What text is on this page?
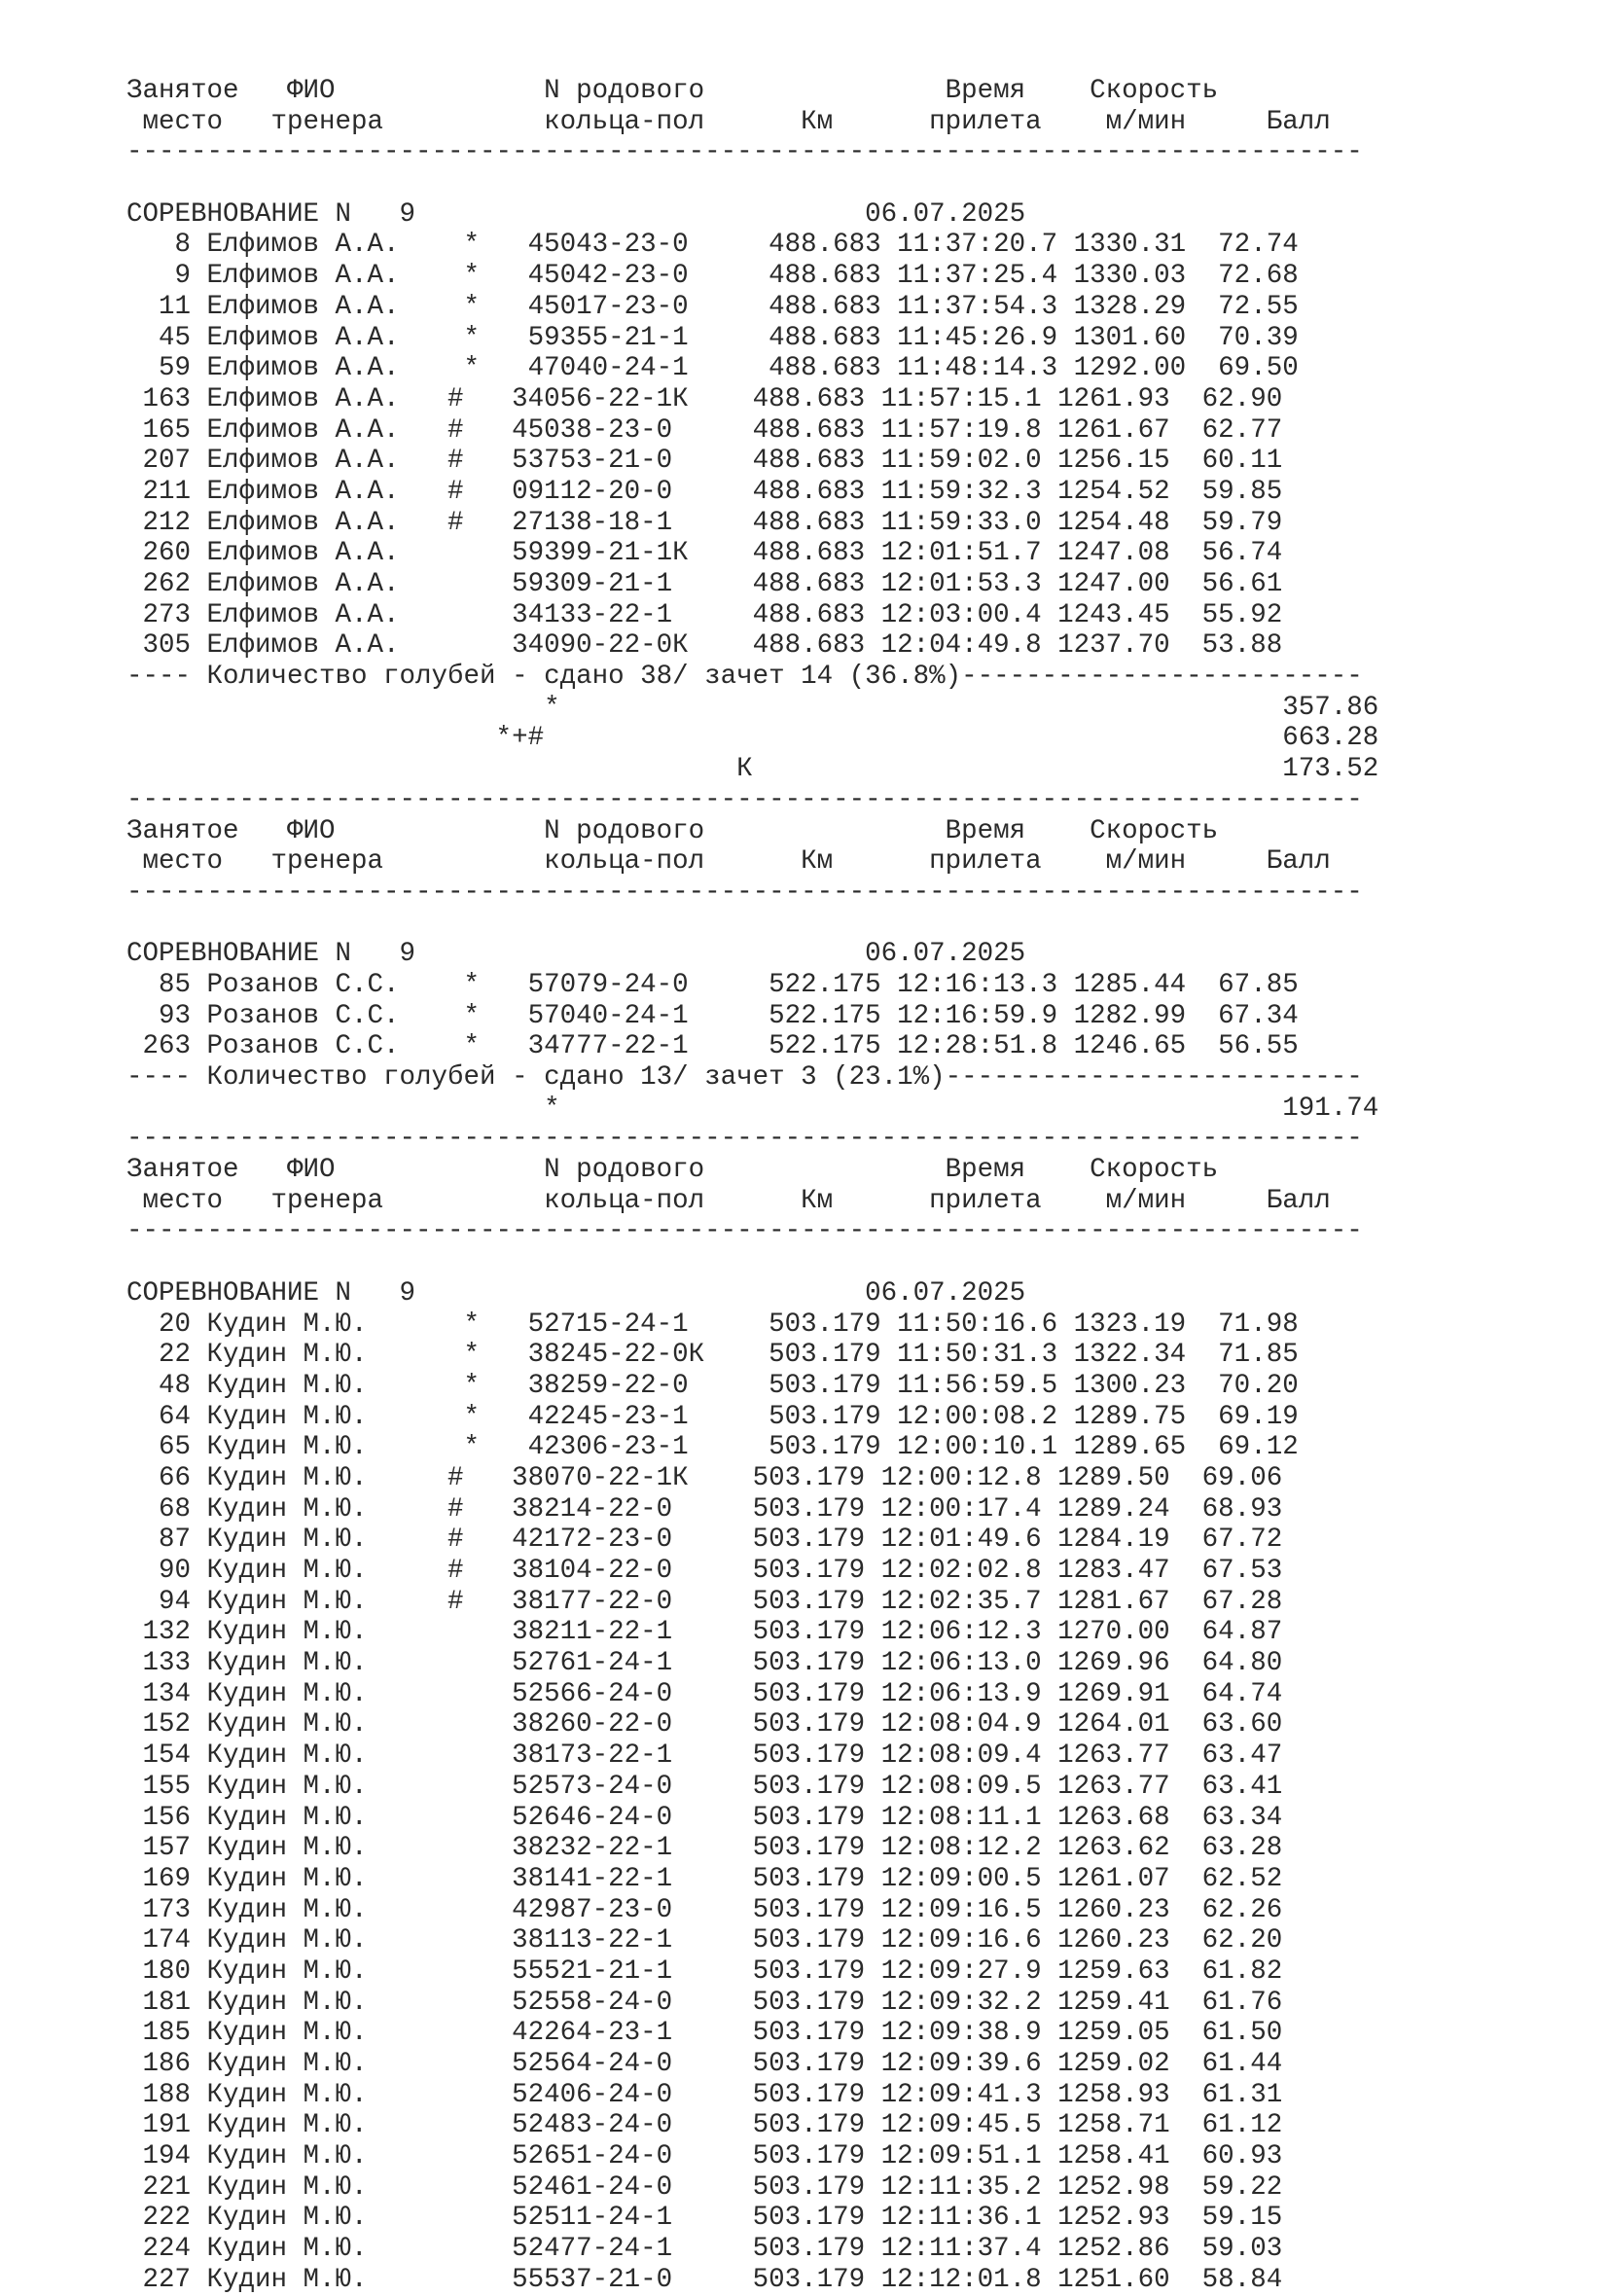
Занятое   ФИО             N родового               Время    Скорость
место   тренера          кольца-пол      Км      прилета    м/мин     Балл
-----------------------------------------------------------------------------

СОРЕВНОВАНИЕ N   9                            06.07.2025
8 Елфимов А.А.    *   45043-23-0     488.683 11:37:20.7 1330.31  72.74
9 Елфимов А.А.    *   45042-23-0     488.683 11:37:25.4 1330.03  72.68
11 Елфимов А.А.    *   45017-23-0     488.683 11:37:54.3 1328.29  72.55
45 Елфимов А.А.    *   59355-21-1     488.683 11:45:26.9 1301.60  70.39
59 Елфимов А.А.    *   47040-24-1     488.683 11:48:14.3 1292.00  69.50
163 Елфимов А.А.   #   34056-22-1К    488.683 11:57:15.1 1261.93  62.90
165 Елфимов А.А.   #   45038-23-0     488.683 11:57:19.8 1261.67  62.77
207 Елфимов А.А.   #   53753-21-0     488.683 11:59:02.0 1256.15  60.11
211 Елфимов А.А.   #   09112-20-0     488.683 11:59:32.3 1254.52  59.85
212 Елфимов А.А.   #   27138-18-1     488.683 11:59:33.0 1254.48  59.79
260 Елфимов А.А.       59399-21-1К    488.683 12:01:51.7 1247.08  56.74
262 Елфимов А.А.       59309-21-1     488.683 12:01:53.3 1247.00  56.61
273 Елфимов А.А.       34133-22-1     488.683 12:03:00.4 1243.45  55.92
305 Елфимов А.А.       34090-22-0К    488.683 12:04:49.8 1237.70  53.88
---- Количество голубей - сдано 38/ зачет 14 (36.8%)-------------------------
*                                             357.86
*+#                                              663.28
К                                 173.52
-----------------------------------------------------------------------------
Занятое   ФИО             N родового               Время    Скорость
место   тренера          кольца-пол      Км      прилета    м/мин     Балл
-----------------------------------------------------------------------------

СОРЕВНОВАНИЕ N   9                            06.07.2025
85 Розанов С.С.    *   57079-24-0     522.175 12:16:13.3 1285.44  67.85
93 Розанов С.С.    *   57040-24-1     522.175 12:16:59.9 1282.99  67.34
263 Розанов С.С.    *   34777-22-1     522.175 12:28:51.8 1246.65  56.55
---- Количество голубей - сдано 13/ зачет 3 (23.1%)--------------------------
*                                             191.74
-----------------------------------------------------------------------------
Занятое   ФИО             N родового               Время    Скорость
место   тренера          кольца-пол      Км      прилета    м/мин     Балл
-----------------------------------------------------------------------------

СОРЕВНОВАНИЕ N   9                            06.07.2025
20 Кудин М.Ю.      *   52715-24-1     503.179 11:50:16.6 1323.19  71.98
22 Кудин М.Ю.      *   38245-22-0К    503.179 11:50:31.3 1322.34  71.85
48 Кудин М.Ю.      *   38259-22-0     503.179 11:56:59.5 1300.23  70.20
64 Кудин М.Ю.      *   42245-23-1     503.179 12:00:08.2 1289.75  69.19
65 Кудин М.Ю.      *   42306-23-1     503.179 12:00:10.1 1289.65  69.12
66 Кудин М.Ю.     #   38070-22-1К    503.179 12:00:12.8 1289.50  69.06
68 Кудин М.Ю.     #   38214-22-0     503.179 12:00:17.4 1289.24  68.93
87 Кудин М.Ю.     #   42172-23-0     503.179 12:01:49.6 1284.19  67.72
90 Кудин М.Ю.     #   38104-22-0     503.179 12:02:02.8 1283.47  67.53
94 Кудин М.Ю.     #   38177-22-0     503.179 12:02:35.7 1281.67  67.28
132 Кудин М.Ю.         38211-22-1     503.179 12:06:12.3 1270.00  64.87
133 Кудин М.Ю.         52761-24-1     503.179 12:06:13.0 1269.96  64.80
134 Кудин М.Ю.         52566-24-0     503.179 12:06:13.9 1269.91  64.74
152 Кудин М.Ю.         38260-22-0     503.179 12:08:04.9 1264.01  63.60
154 Кудин М.Ю.         38173-22-1     503.179 12:08:09.4 1263.77  63.47
155 Кудин М.Ю.         52573-24-0     503.179 12:08:09.5 1263.77  63.41
156 Кудин М.Ю.         52646-24-0     503.179 12:08:11.1 1263.68  63.34
157 Кудин М.Ю.         38232-22-1     503.179 12:08:12.2 1263.62  63.28
169 Кудин М.Ю.         38141-22-1     503.179 12:09:00.5 1261.07  62.52
173 Кудин М.Ю.         42987-23-0     503.179 12:09:16.5 1260.23  62.26
174 Кудин М.Ю.         38113-22-1     503.179 12:09:16.6 1260.23  62.20
180 Кудин М.Ю.         55521-21-1     503.179 12:09:27.9 1259.63  61.82
181 Кудин М.Ю.         52558-24-0     503.179 12:09:32.2 1259.41  61.76
185 Кудин М.Ю.         42264-23-1     503.179 12:09:38.9 1259.05  61.50
186 Кудин М.Ю.         52564-24-0     503.179 12:09:39.6 1259.02  61.44
188 Кудин М.Ю.         52406-24-0     503.179 12:09:41.3 1258.93  61.31
191 Кудин М.Ю.         52483-24-0     503.179 12:09:45.5 1258.71  61.12
194 Кудин М.Ю.         52651-24-0     503.179 12:09:51.1 1258.41  60.93
221 Кудин М.Ю.         52461-24-0     503.179 12:11:35.2 1252.98  59.22
222 Кудин М.Ю.         52511-24-1     503.179 12:11:36.1 1252.93  59.15
224 Кудин М.Ю.         52477-24-1     503.179 12:11:37.4 1252.86  59.03
227 Кудин М.Ю.         55537-21-0     503.179 12:12:01.8 1251.60  58.84
